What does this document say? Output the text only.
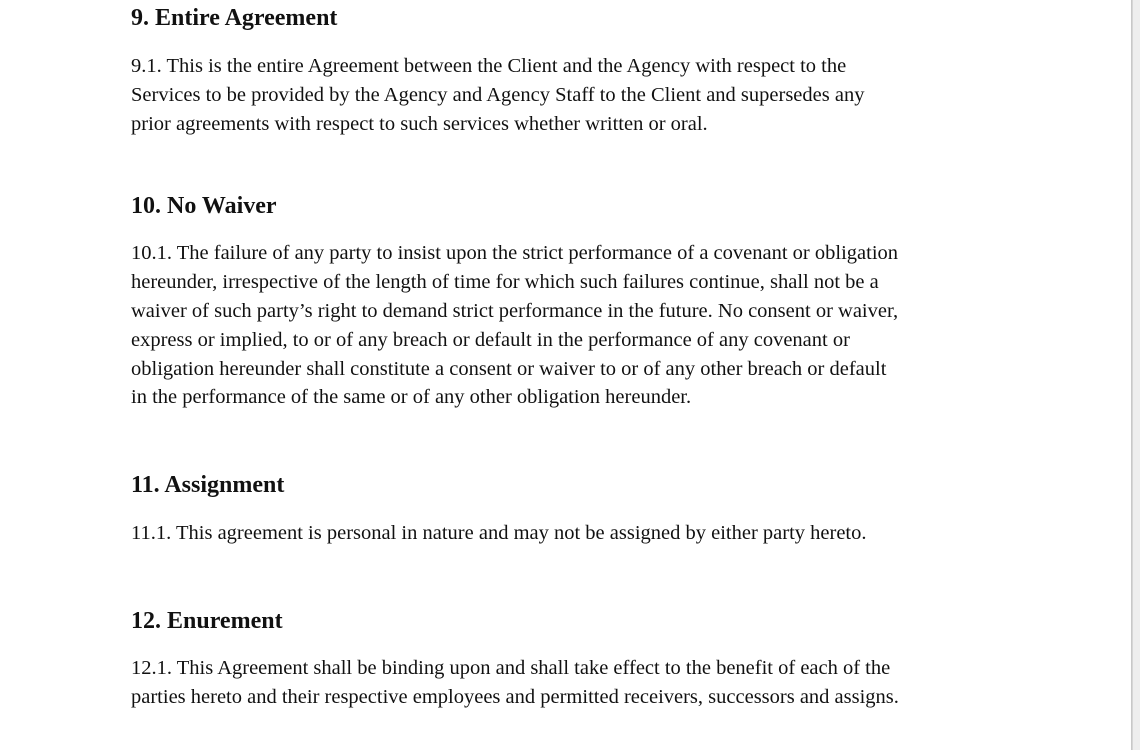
9. Entire Agreement

9.1. This is the entire Agreement between the Client and the Agency with respect to the
Services to be provided by the Agency and Agency Staff to the Client and supersedes any
prior agreements with respect to such services whether written or oral.

10. No Waiver

10.1. The failure of any party to insist upon the strict performance of a covenant or obligation
hereunder, irrespective of the length of time for which such failures continue, shall not be a
waiver of such party’s right to demand strict performance in the future. No consent or waiver,
express or implied, to or of any breach or default in the performance of any covenant or
obligation hereunder shall constitute a consent or waiver to or of any other breach or default
in the performance of the same or of any other obligation hereunder.

11. Assignment

11.1. This agreement is personal in nature and may not be assigned by either party hereto.

12. Enurement

12.1. This Agreement shall be binding upon and shall take effect to the benefit of each of the
parties hereto and their respective employees and permitted receivers, successors and assigns.
